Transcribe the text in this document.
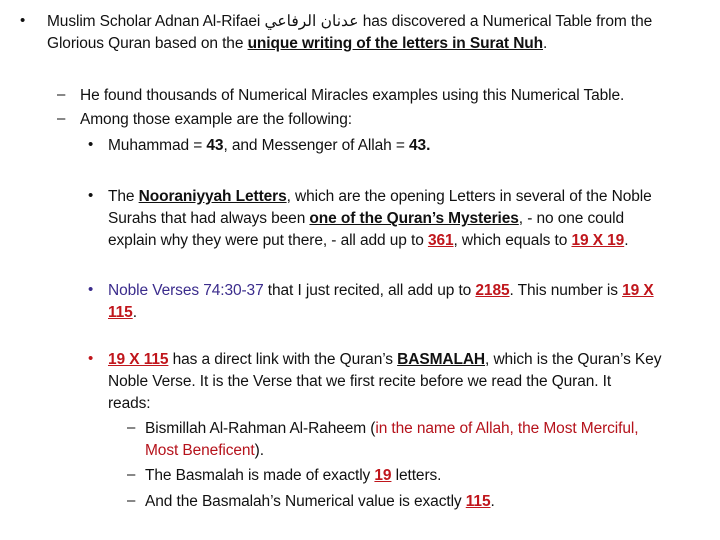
• Muslim Scholar Adnan Al-Rifaei عدنان الرفاعي has discovered a Numerical Table from the
Glorious Quran based on the unique writing of the letters in Surat Nuh.
– He found thousands of Numerical Miracles examples using this Numerical Table.
– Among those example are the following:
• Muhammad = 43, and Messenger of Allah = 43.
• The Nooraniyyah Letters, which are the opening Letters in several of the Noble
Surahs that had always been one of the Quran’s Mysteries, - no one could
explain why they were put there, - all add up to 361, which equals to 19 X 19.
• Noble Verses 74:30-37 that I just recited, all add up to 2185. This number is 19 X
115.
• 19 X 115 has a direct link with the Quran’s BASMALAH, which is the Quran’s Key
Noble Verse. It is the Verse that we first recite before we read the Quran. It
reads:
– Bismillah Al-Rahman Al-Raheem (in the name of Allah, the Most Merciful,
Most Beneficent).
– The Basmalah is made of exactly 19 letters.
– And the Basmalah’s Numerical value is exactly 115.
